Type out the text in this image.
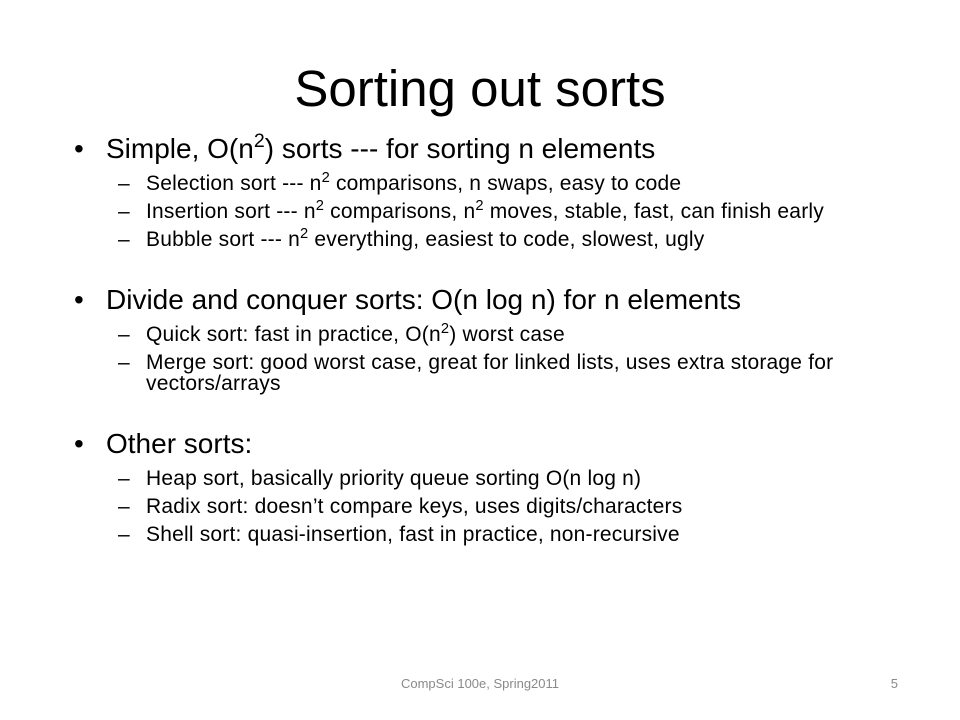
Sorting out sorts
• Simple, $O(n^2)$ sorts --- for sorting n elements
– Selection sort --- $n^2$ comparisons, n swaps, easy to code
– Insertion sort --- $n^2$ comparisons, $n^2$ moves, stable, fast, can finish early
– Bubble sort --- $n^2$ everything, easiest to code, slowest, ugly
• Divide and conquer sorts: O(n log n) for n elements
– Quick sort: fast in practice, $O(n^2)$ worst case
– Merge sort: good worst case, great for linked lists, uses extra storage for vectors/arrays
• Other sorts:
– Heap sort, basically priority queue sorting O(n log n)
– Radix sort: doesn’t compare keys, uses digits/characters
– Shell sort: quasi-insertion, fast in practice, non-recursive
CompSci 100e, Spring2011	5
